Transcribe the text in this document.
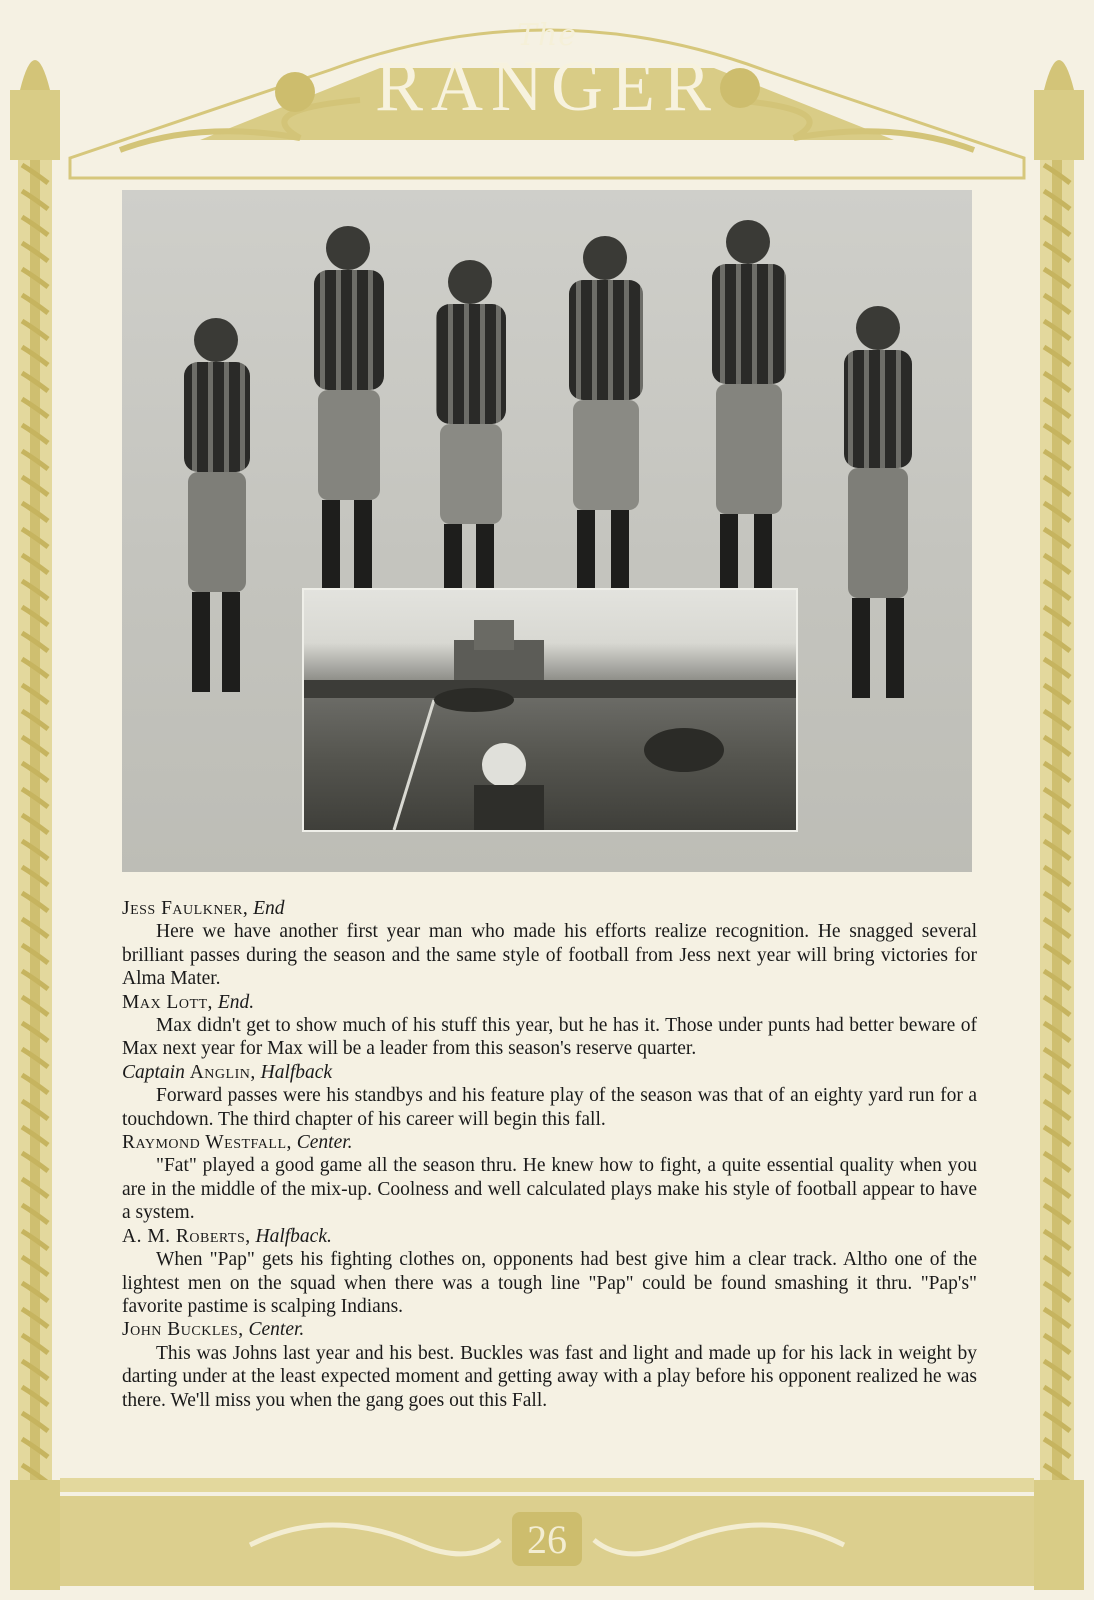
The
RANGER

Jess Faulkner, End

Here we have another first year man who made his efforts realize recognition. He snagged several brilliant passes during the season and the same style of football from Jess next year will bring victories for Alma Mater.

Max Lott, End.

Max didn't get to show much of his stuff this year, but he has it. Those under punts had better beware of Max next year for Max will be a leader from this season's reserve quarter.

Captain Anglin, Halfback

Forward passes were his standbys and his feature play of the season was that of an eighty yard run for a touchdown. The third chapter of his career will begin this fall.

Raymond Westfall, Center.

"Fat" played a good game all the season thru. He knew how to fight, a quite essential quality when you are in the middle of the mix-up. Coolness and well calculated plays make his style of football appear to have a system.

A. M. Roberts, Halfback.

When "Pap" gets his fighting clothes on, opponents had best give him a clear track. Altho one of the lightest men on the squad when there was a tough line "Pap" could be found smashing it thru. "Pap's" favorite pastime is scalping Indians.

John Buckles, Center.

This was Johns last year and his best. Buckles was fast and light and made up for his lack in weight by darting under at the least expected moment and getting away with a play before his opponent realized he was there. We'll miss you when the gang goes out this Fall.

26
